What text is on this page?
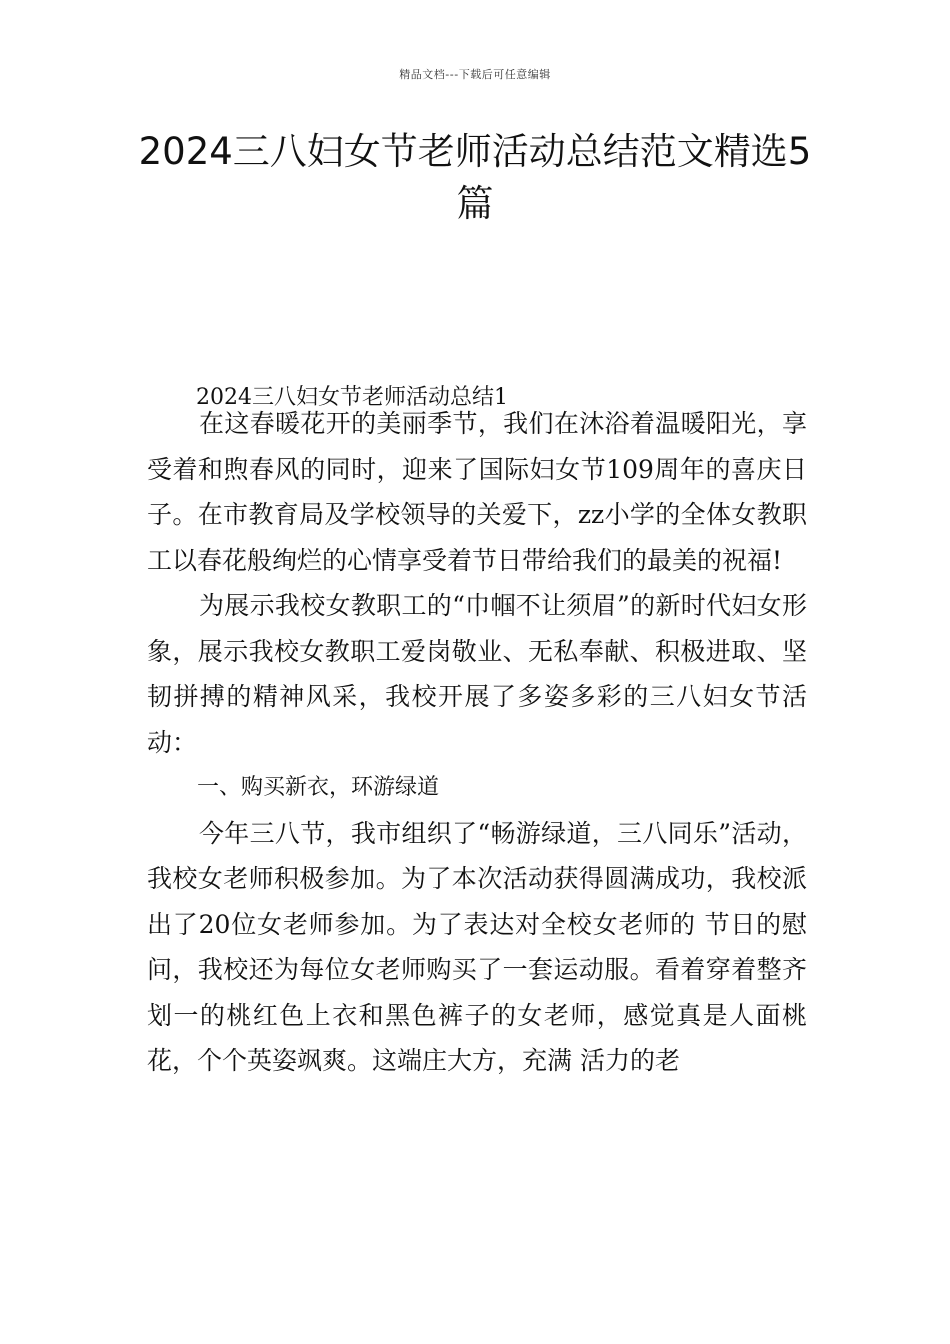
精品文档---下载后可任意编辑
2024三八妇女节老师活动总结范文精选5篇
2024三八妇女节老师活动总结1

在这春暖花开的美丽季节，我们在沐浴着温暖阳光，享受着和煦春风的同时，迎来了国际妇女节109周年的喜庆日子。在市教育局及学校领导的关爱下，zz小学的全体女教职工以春花般绚烂的心情享受着节日带给我们的最美的祝福!

为展示我校女教职工的“巾帼不让须眉”的新时代妇女形象，展示我校女教职工爱岗敬业、无私奉献、积极进取、坚韧拼搏的精神风采，我校开展了多姿多彩的三八妇女节活动：

一、购买新衣，环游绿道

今年三八节，我市组织了“畅游绿道，三八同乐”活动，我校女老师积极参加。为了本次活动获得圆满成功，我校派出了20位女老师参加。为了表达对全校女老师的 节日的慰问，我校还为每位女老师购买了一套运动服。看着穿着整齐划一的桃红色上衣和黑色裤子的女老师，感觉真是人面桃花，个个英姿飒爽。这端庄大方，充满 活力的老
